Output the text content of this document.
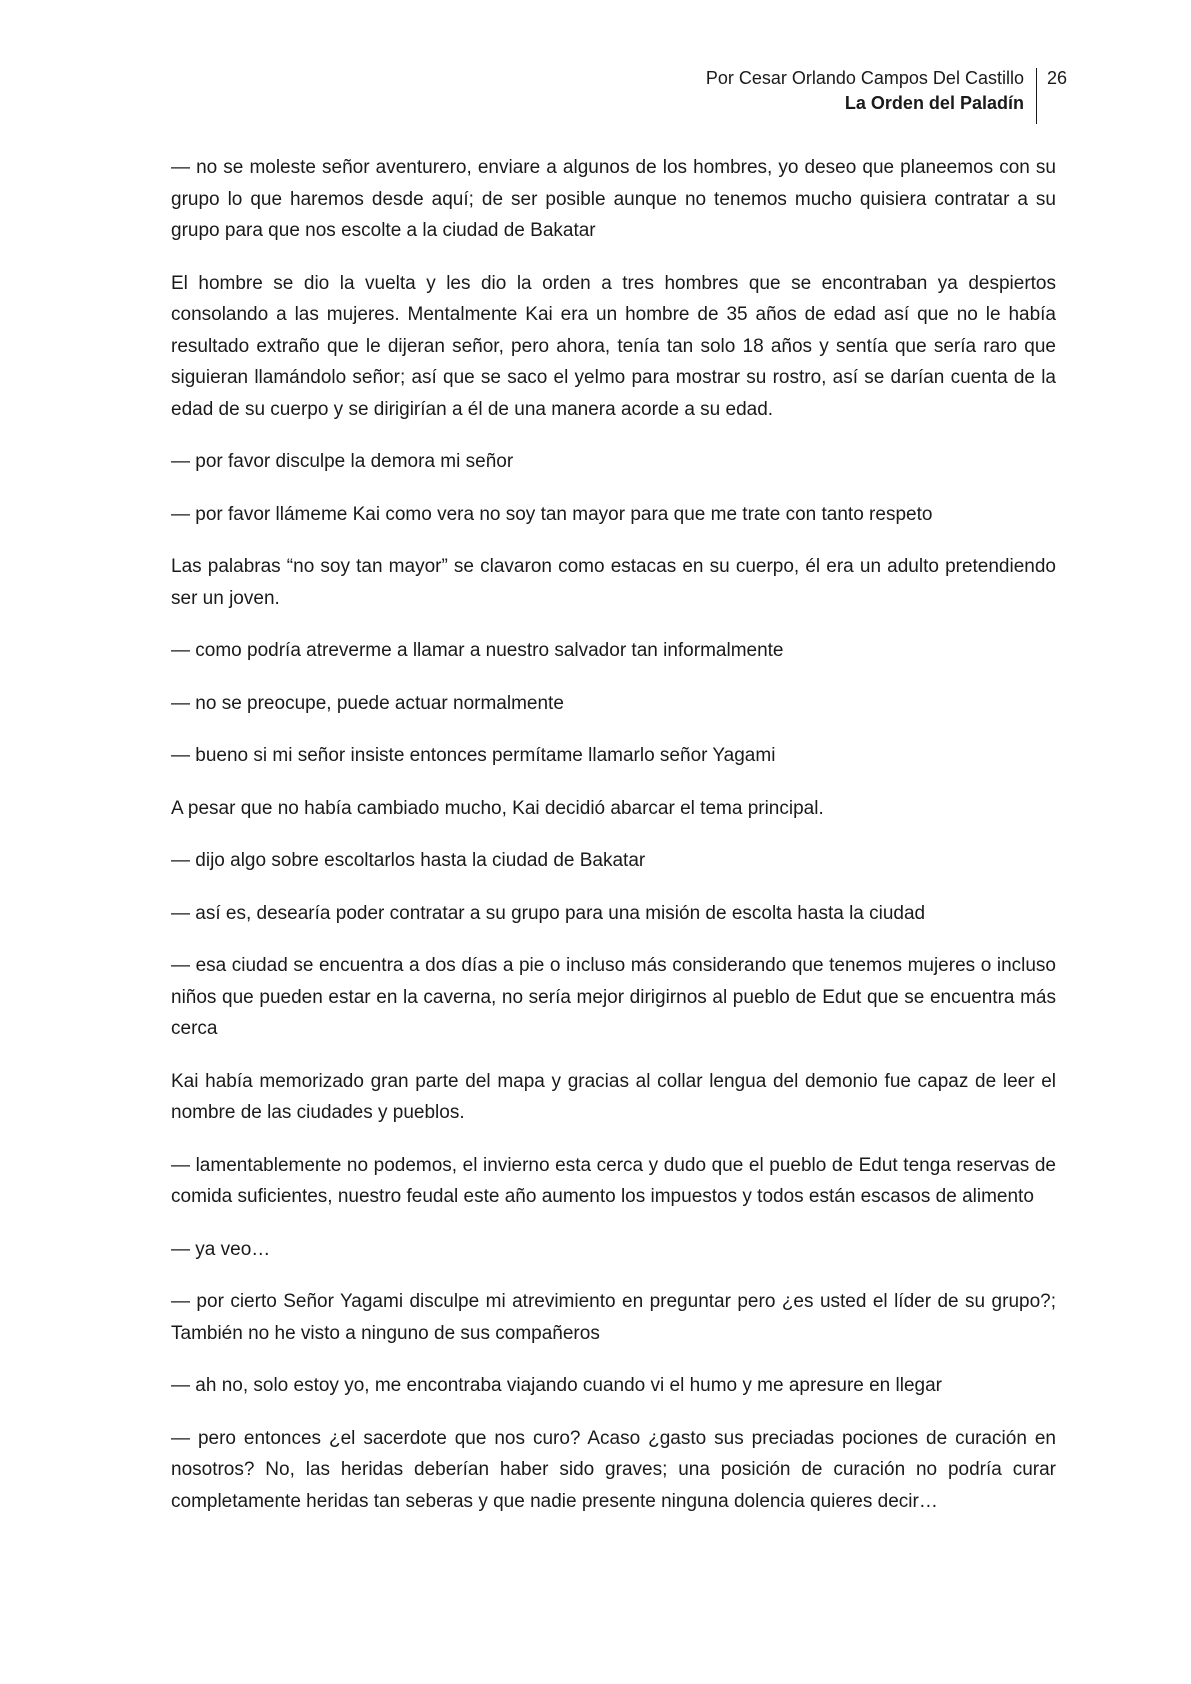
Por Cesar Orlando Campos Del Castillo
La Orden del Paladín
26

— no se moleste señor aventurero, enviare a algunos de los hombres, yo deseo que planeemos con su grupo lo que haremos desde aquí; de ser posible aunque no tenemos mucho quisiera contratar a su grupo para que nos escolte a la ciudad de Bakatar

El hombre se dio la vuelta y les dio la orden a tres hombres que se encontraban ya despiertos consolando a las mujeres. Mentalmente Kai era un hombre de 35 años de edad así que no le había resultado extraño que le dijeran señor, pero ahora, tenía tan solo 18 años y sentía que sería raro que siguieran llamándolo señor; así que se saco el yelmo para mostrar su rostro, así se darían cuenta de la edad de su cuerpo y se dirigirían a él de una manera acorde a su edad.

— por favor disculpe la demora mi señor

— por favor llámeme Kai como vera no soy tan mayor para que me trate con tanto respeto

Las palabras “no soy tan mayor” se clavaron como estacas en su cuerpo, él era un adulto pretendiendo ser un joven.

— como podría atreverme a llamar a nuestro salvador tan informalmente

— no se preocupe, puede actuar normalmente

— bueno si mi señor insiste entonces permítame llamarlo señor Yagami

A pesar que no había cambiado mucho, Kai decidió abarcar el tema principal.

— dijo algo sobre escoltarlos hasta la ciudad de Bakatar

— así es, desearía poder contratar a su grupo para una misión de escolta hasta la ciudad

— esa ciudad se encuentra a dos días a pie o incluso más considerando que tenemos mujeres o incluso niños que pueden estar en la caverna, no sería mejor dirigirnos al pueblo de Edut que se encuentra más cerca

Kai había memorizado gran parte del mapa y gracias al collar lengua del demonio fue capaz de leer el nombre de las ciudades y pueblos.

— lamentablemente no podemos, el invierno esta cerca y dudo que el pueblo de Edut tenga reservas de comida suficientes, nuestro feudal este año aumento los impuestos y todos están escasos de alimento

— ya veo…

— por cierto Señor Yagami disculpe mi atrevimiento en preguntar pero ¿es usted el líder de su grupo?; También no he visto a ninguno de sus compañeros

— ah no, solo estoy yo, me encontraba viajando cuando vi el humo y me apresure en llegar

— pero entonces ¿el sacerdote que nos curo? Acaso ¿gasto sus preciadas pociones de curación en nosotros? No, las heridas deberían haber sido graves; una posición de curación no podría curar completamente heridas tan seberas y que nadie presente ninguna dolencia quieres decir…
